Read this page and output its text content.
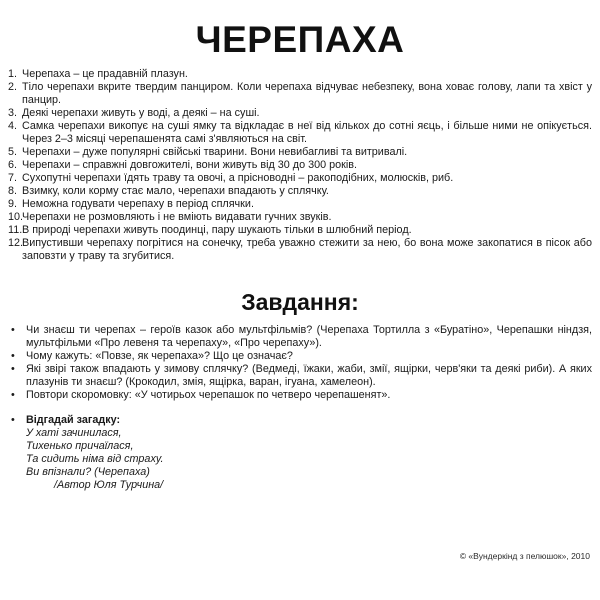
ЧЕРЕПАХА
1. Черепаха – це прадавній плазун.
2. Тіло черепахи вкрите твердим панциром. Коли черепаха відчуває небезпеку, вона ховає голову, лапи та хвіст у панцир.
3. Деякі черепахи живуть у воді, а деякі – на суші.
4. Самка черепахи викопує на суші ямку та відкладає в неї від кількох до сотні яєць, і більше ними не опікується. Через 2–3 місяці черепашенята самі з'являються на світ.
5. Черепахи – дуже популярні свійські тварини. Вони невибагливі та витривалі.
6. Черепахи – справжні довгожителі, вони живуть від 30 до 300 років.
7. Сухопутні черепахи їдять траву та овочі, а прісноводні – ракоподібних, молюсків, риб.
8. Взимку, коли корму стає мало, черепахи впадають у сплячку.
9. Неможна годувати черепаху в період сплячки.
10.
Черепахи не розмовляють і не вміють видавати гучних звуків.
11. В природі черепахи живуть поодинці, пару шукають тільки в шлюбний період.
12.
Випустивши черепаху погрітися на сонечку, треба уважно стежити за нею, бо вона може закопатися в пісок або заповзти у траву та згубитися.
Завдання:
•	Чи знаєш ти черепах – героїв казок або мультфільмів? (Черепаха Тортилла з «Буратіно», Черепашки ніндзя, мультфільми «Про левеня та черепаху», «Про черепаху»).
•	Чому кажуть: «Повзе, як черепаха»? Що це означає?
•	Які звірі також впадають у зимову сплячку? (Ведмеді, їжаки, жаби, змії, ящірки, черв'яки та деякі риби). А яких плазунів ти знаєш? (Крокодил, змія, ящірка, варан, ігуана, хамелеон).
•	Повтори скоромовку: «У чотирьох черепашок по четверо черепашенят».
•	Відгадай загадку:
У хаті зачинилася,
Тихенько причаїлася,
Та сидить німа від страху.
Ви впізнали? (Черепаха)
/Автор Юля Турчина/
© «Вундеркінд з пелюшок», 2010
